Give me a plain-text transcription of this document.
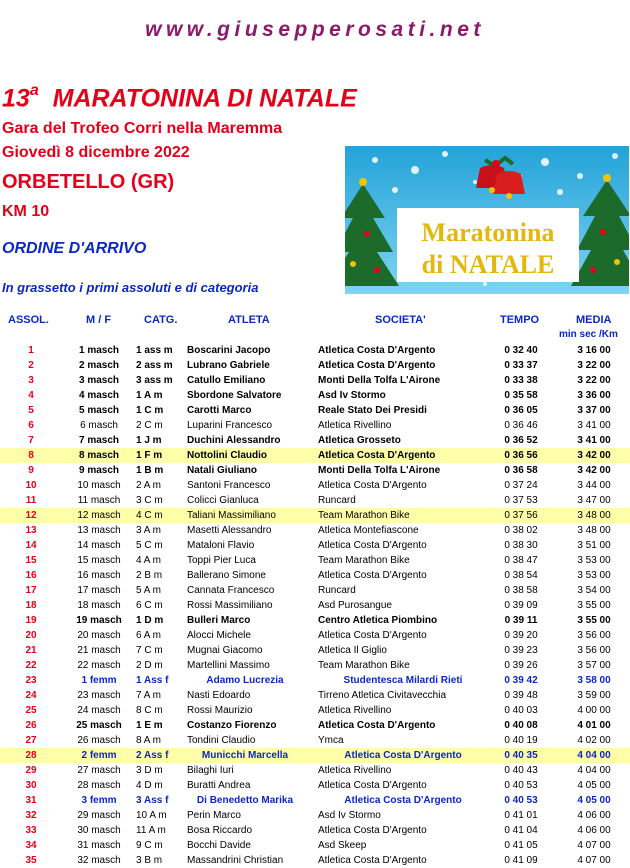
www.giusepperosati.net
13$^a$ MARATONINA DI NATALE
Gara del Trofeo Corri nella Maremma
Giovedì 8 dicembre 2022
ORBETELLO (GR)
KM 10
ORDINE D'ARRIVO
In grassetto i primi assoluti e di categoria
Maratonina
di NATALE
ASSOL.	M / F	CATG.	ATLETA	SOCIETA'	TEMPO	MEDIA
min sec /Km
1	1 masch	1 ass m	Boscarini Jacopo	Atletica Costa D'Argento	0 32 40	3 16 00
2	2 masch	2 ass m	Lubrano Gabriele	Atletica Costa D'Argento	0 33 37	3 22 00
3	3 masch	3 ass m	Catullo Emiliano	Monti Della Tolfa L'Airone	0 33 38	3 22 00
4	4 masch	1 A m	Sbordone Salvatore	Asd Iv Stormo	0 35 58	3 36 00
5	5 masch	1 C m	Carotti Marco	Reale Stato Dei Presidi	0 36 05	3 37 00
6	6 masch	2 C m	Luparini Francesco	Atletica Rivellino	0 36 46	3 41 00
7	7 masch	1 J m	Duchini Alessandro	Atletica Grosseto	0 36 52	3 41 00
8	8 masch	1 F m	Nottolini Claudio	Atletica Costa D'Argento	0 36 56	3 42 00
9	9 masch	1 B m	Natali Giuliano	Monti Della Tolfa L'Airone	0 36 58	3 42 00
10	10 masch	2 A m	Santoni Francesco	Atletica Costa D'Argento	0 37 24	3 44 00
11	11 masch	3 C m	Colicci Gianluca	Runcard	0 37 53	3 47 00
12	12 masch	4 C m	Taliani Massimiliano	Team Marathon Bike	0 37 56	3 48 00
13	13 masch	3 A m	Masetti Alessandro	Atletica Montefiascone	0 38 02	3 48 00
14	14 masch	5 C m	Mataloni Flavio	Atletica Costa D'Argento	0 38 30	3 51 00
15	15 masch	4 A m	Toppi Pier Luca	Team Marathon Bike	0 38 47	3 53 00
16	16 masch	2 B m	Ballerano Simone	Atletica Costa D'Argento	0 38 54	3 53 00
17	17 masch	5 A m	Cannata Francesco	Runcard	0 38 58	3 54 00
18	18 masch	6 C m	Rossi Massimiliano	Asd Purosangue	0 39 09	3 55 00
19	19 masch	1 D m	Bulleri Marco	Centro Atletica Piombino	0 39 11	3 55 00
20	20 masch	6 A m	Alocci Michele	Atletica Costa D'Argento	0 39 20	3 56 00
21	21 masch	7 C m	Mugnai Giacomo	Atletica Il Giglio	0 39 23	3 56 00
22	22 masch	2 D m	Martellini Massimo	Team Marathon Bike	0 39 26	3 57 00
23	1 femm	1 Ass f	Adamo Lucrezia	Studentesca Milardi Rieti	0 39 42	3 58 00
24	23 masch	7 A m	Nasti Edoardo	Tirreno Atletica Civitavecchia	0 39 48	3 59 00
25	24 masch	8 C m	Rossi Maurizio	Atletica Rivellino	0 40 03	4 00 00
26	25 masch	1 E m	Costanzo Fiorenzo	Atletica Costa D'Argento	0 40 08	4 01 00
27	26 masch	8 A m	Tondini Claudio	Ymca	0 40 19	4 02 00
28	2 femm	2 Ass f	Municchi Marcella	Atletica Costa D'Argento	0 40 35	4 04 00
29	27 masch	3 D m	Bilaghi Iuri	Atletica Rivellino	0 40 43	4 04 00
30	28 masch	4 D m	Buratti Andrea	Atletica Costa D'Argento	0 40 53	4 05 00
31	3 femm	3 Ass f	Di Benedetto Marika	Atletica Costa D'Argento	0 40 53	4 05 00
32	29 masch	10 A m	Perin Marco	Asd Iv Stormo	0 41 01	4 06 00
33	30 masch	11 A m	Bosa Riccardo	Atletica Costa D'Argento	0 41 04	4 06 00
34	31 masch	9 C m	Bocchi Davide	Asd Skeep	0 41 05	4 07 00
35	32 masch	3 B m	Massandrini Christian	Atletica Costa D'Argento	0 41 09	4 07 00
